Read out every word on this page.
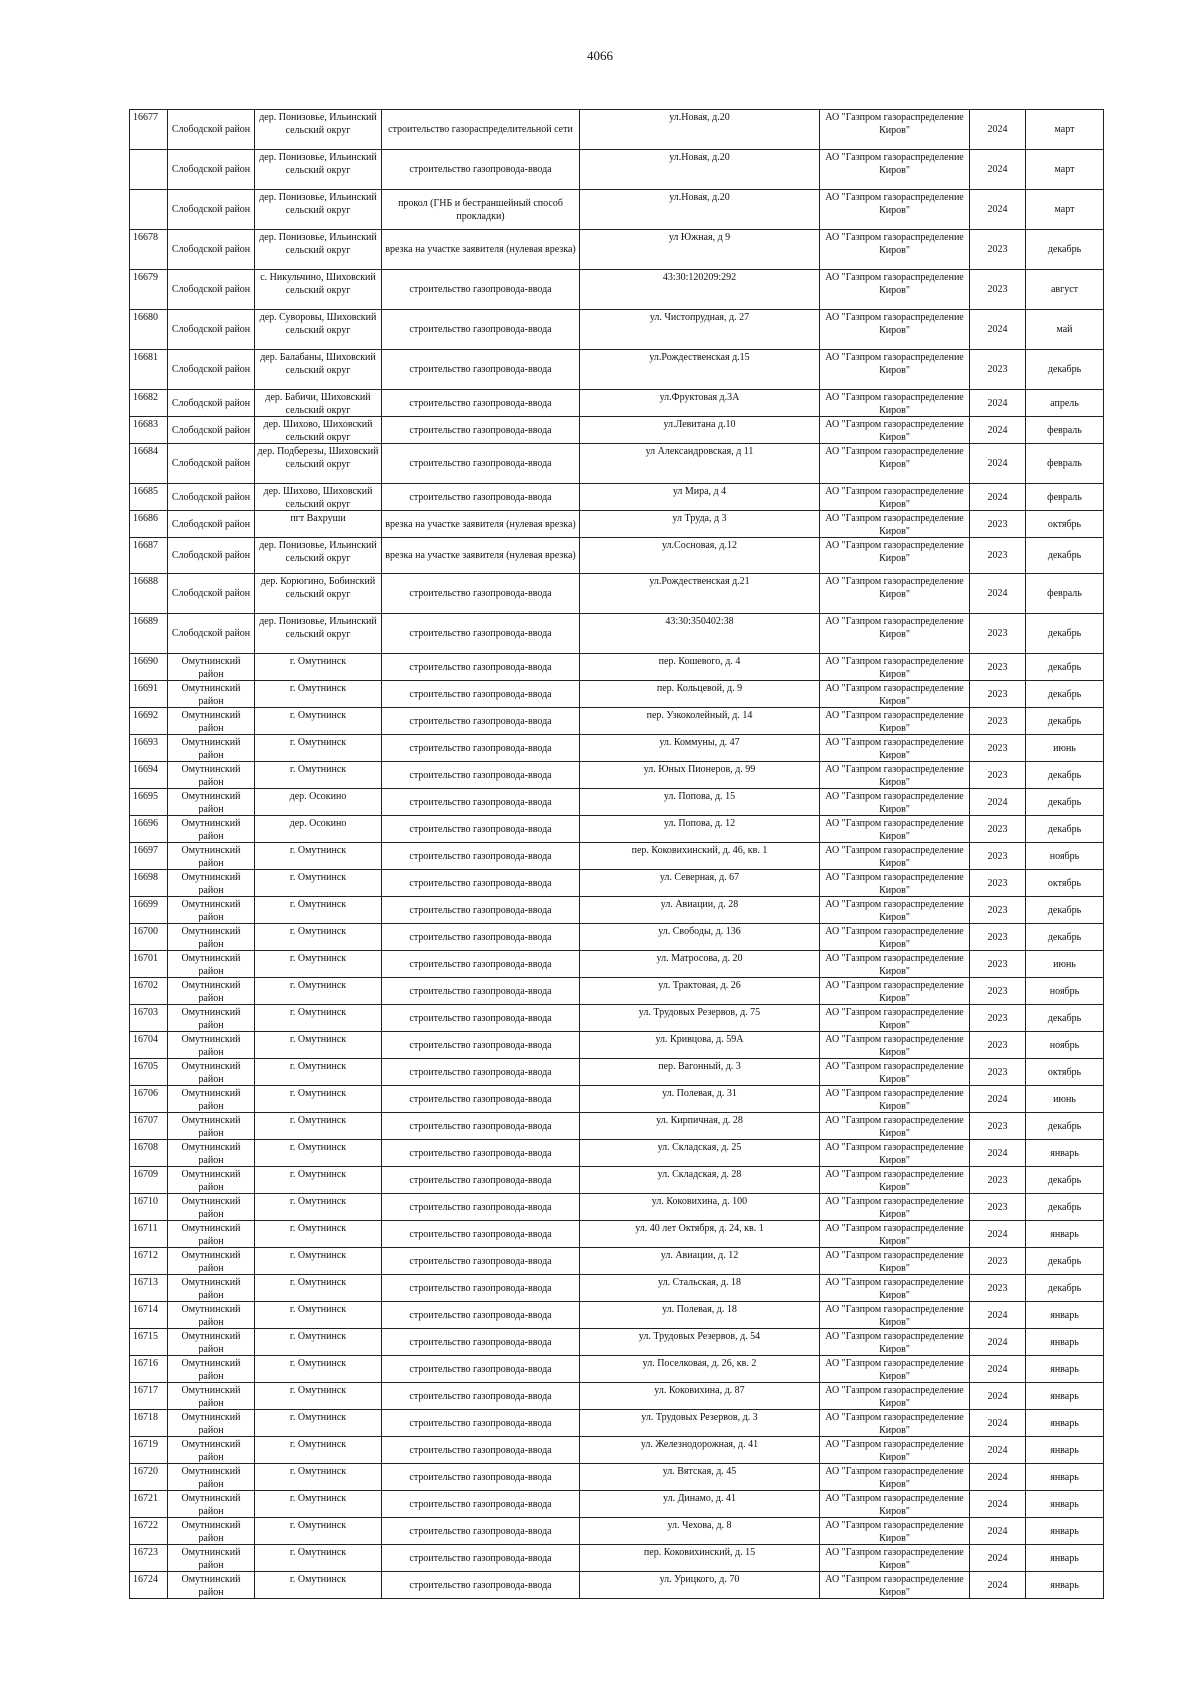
4066
16677	Слободской район	дер. Понизовье, Ильинский сельский округ	строительство газораспределительной сети	ул.Новая, д.20	АО "Газпром газораспределение Киров"	2024	март

	Слободской район	дер. Понизовье, Ильинский сельский округ	строительство газопровода-ввода	ул.Новая, д.20	АО "Газпром газораспределение Киров"	2024	март

	Слободской район	дер. Понизовье, Ильинский сельский округ	прокол (ГНБ и бестраншейный способ прокладки)	ул.Новая, д.20	АО "Газпром газораспределение Киров"	2024	март

16678	Слободской район	дер. Понизовье, Ильинский сельский округ	врезка на участке заявителя (нулевая врезка)	ул Южная, д 9	АО "Газпром газораспределение Киров"	2023	декабрь

16679	Слободской район	с. Никульчино, Шиховский сельский округ	строительство газопровода-ввода	43:30:120209:292	АО "Газпром газораспределение Киров"	2023	август

16680	Слободской район	дер. Суворовы, Шиховский сельский округ	строительство газопровода-ввода	ул. Чистопрудная, д. 27	АО "Газпром газораспределение Киров"	2024	май

16681	Слободской район	дер. Балабаны, Шиховский сельский округ	строительство газопровода-ввода	ул.Рождественская д.15	АО "Газпром газораспределение Киров"	2023	декабрь

16682	Слободской район	дер. Бабичи, Шиховский сельский округ	строительство газопровода-ввода	ул.Фруктовая д.3А	АО "Газпром газораспределение Киров"	2024	апрель

16683	Слободской район	дер. Шихово, Шиховский сельский округ	строительство газопровода-ввода	ул.Левитана д.10	АО "Газпром газораспределение Киров"	2024	февраль

16684	Слободской район	дер. Подберезы, Шиховский сельский округ	строительство газопровода-ввода	ул Александровская, д 11	АО "Газпром газораспределение Киров"	2024	февраль

16685	Слободской район	дер. Шихово, Шиховский сельский округ	строительство газопровода-ввода	ул Мира, д 4	АО "Газпром газораспределение Киров"	2024	февраль

16686	Слободской район	пгт Вахруши	врезка на участке заявителя (нулевая врезка)	ул Труда, д 3	АО "Газпром газораспределение Киров"	2023	октябрь

16687	Слободской район	дер. Понизовье, Ильинский сельский округ	врезка на участке заявителя (нулевая врезка)	ул.Сосновая, д.12	АО "Газпром газораспределение Киров"	2023	декабрь

16688	Слободской район	дер. Корюгино, Бобинский сельский округ	строительство газопровода-ввода	ул.Рождественская д.21	АО "Газпром газораспределение Киров"	2024	февраль

16689	Слободской район	дер. Понизовье, Ильинский сельский округ	строительство газопровода-ввода	43:30:350402:38	АО "Газпром газораспределение Киров"	2023	декабрь

16690	Омутнинский район	г. Омутнинск	строительство газопровода-ввода	пер. Кошевого, д. 4	АО "Газпром газораспределение Киров"	2023	декабрь

16691	Омутнинский район	г. Омутнинск	строительство газопровода-ввода	пер. Кольцевой, д. 9	АО "Газпром газораспределение Киров"	2023	декабрь

16692	Омутнинский район	г. Омутнинск	строительство газопровода-ввода	пер. Узкоколейный, д. 14	АО "Газпром газораспределение Киров"	2023	декабрь

16693	Омутнинский район	г. Омутнинск	строительство газопровода-ввода	ул. Коммуны, д. 47	АО "Газпром газораспределение Киров"	2023	июнь

16694	Омутнинский район	г. Омутнинск	строительство газопровода-ввода	ул. Юных Пионеров, д. 99	АО "Газпром газораспределение Киров"	2023	декабрь

16695	Омутнинский район	дер. Осокино	строительство газопровода-ввода	ул. Попова, д. 15	АО "Газпром газораспределение Киров"	2024	декабрь

16696	Омутнинский район	дер. Осокино	строительство газопровода-ввода	ул. Попова, д. 12	АО "Газпром газораспределение Киров"	2023	декабрь

16697	Омутнинский район	г. Омутнинск	строительство газопровода-ввода	пер. Коковихинский, д. 46, кв. 1	АО "Газпром газораспределение Киров"	2023	ноябрь

16698	Омутнинский район	г. Омутнинск	строительство газопровода-ввода	ул. Северная, д. 67	АО "Газпром газораспределение Киров"	2023	октябрь

16699	Омутнинский район	г. Омутнинск	строительство газопровода-ввода	ул. Авиации, д. 28	АО "Газпром газораспределение Киров"	2023	декабрь

16700	Омутнинский район	г. Омутнинск	строительство газопровода-ввода	ул. Свободы, д. 136	АО "Газпром газораспределение Киров"	2023	декабрь

16701	Омутнинский район	г. Омутнинск	строительство газопровода-ввода	ул. Матросова, д. 20	АО "Газпром газораспределение Киров"	2023	июнь

16702	Омутнинский район	г. Омутнинск	строительство газопровода-ввода	ул. Трактовая, д. 26	АО "Газпром газораспределение Киров"	2023	ноябрь

16703	Омутнинский район	г. Омутнинск	строительство газопровода-ввода	ул. Трудовых Резервов, д. 75	АО "Газпром газораспределение Киров"	2023	декабрь

16704	Омутнинский район	г. Омутнинск	строительство газопровода-ввода	ул. Кривцова, д. 59А	АО "Газпром газораспределение Киров"	2023	ноябрь

16705	Омутнинский район	г. Омутнинск	строительство газопровода-ввода	пер. Вагонный, д. 3	АО "Газпром газораспределение Киров"	2023	октябрь

16706	Омутнинский район	г. Омутнинск	строительство газопровода-ввода	ул. Полевая, д. 31	АО "Газпром газораспределение Киров"	2024	июнь

16707	Омутнинский район	г. Омутнинск	строительство газопровода-ввода	ул. Кирпичная, д. 28	АО "Газпром газораспределение Киров"	2023	декабрь

16708	Омутнинский район	г. Омутнинск	строительство газопровода-ввода	ул. Складская, д. 25	АО "Газпром газораспределение Киров"	2024	январь

16709	Омутнинский район	г. Омутнинск	строительство газопровода-ввода	ул. Складская, д. 28	АО "Газпром газораспределение Киров"	2023	декабрь

16710	Омутнинский район	г. Омутнинск	строительство газопровода-ввода	ул. Коковихина, д. 100	АО "Газпром газораспределение Киров"	2023	декабрь

16711	Омутнинский район	г. Омутнинск	строительство газопровода-ввода	ул. 40 лет Октября, д. 24, кв. 1	АО "Газпром газораспределение Киров"	2024	январь

16712	Омутнинский район	г. Омутнинск	строительство газопровода-ввода	ул. Авиации, д. 12	АО "Газпром газораспределение Киров"	2023	декабрь

16713	Омутнинский район	г. Омутнинск	строительство газопровода-ввода	ул. Стальская, д. 18	АО "Газпром газораспределение Киров"	2023	декабрь

16714	Омутнинский район	г. Омутнинск	строительство газопровода-ввода	ул. Полевая, д. 18	АО "Газпром газораспределение Киров"	2024	январь

16715	Омутнинский район	г. Омутнинск	строительство газопровода-ввода	ул. Трудовых Резервов, д. 54	АО "Газпром газораспределение Киров"	2024	январь

16716	Омутнинский район	г. Омутнинск	строительство газопровода-ввода	ул. Поселковая, д. 26, кв. 2	АО "Газпром газораспределение Киров"	2024	январь

16717	Омутнинский район	г. Омутнинск	строительство газопровода-ввода	ул. Коковихина, д. 87	АО "Газпром газораспределение Киров"	2024	январь

16718	Омутнинский район	г. Омутнинск	строительство газопровода-ввода	ул. Трудовых Резервов, д. 3	АО "Газпром газораспределение Киров"	2024	январь

16719	Омутнинский район	г. Омутнинск	строительство газопровода-ввода	ул. Железнодорожная, д. 41	АО "Газпром газораспределение Киров"	2024	январь

16720	Омутнинский район	г. Омутнинск	строительство газопровода-ввода	ул. Вятская, д. 45	АО "Газпром газораспределение Киров"	2024	январь

16721	Омутнинский район	г. Омутнинск	строительство газопровода-ввода	ул. Динамо, д. 41	АО "Газпром газораспределение Киров"	2024	январь

16722	Омутнинский район	г. Омутнинск	строительство газопровода-ввода	ул. Чехова, д. 8	АО "Газпром газораспределение Киров"	2024	январь

16723	Омутнинский район	г. Омутнинск	строительство газопровода-ввода	пер. Коковихинский, д. 15	АО "Газпром газораспределение Киров"	2024	январь

16724	Омутнинский район	г. Омутнинск	строительство газопровода-ввода	ул. Урицкого, д. 70	АО "Газпром газораспределение Киров"	2024	январь
